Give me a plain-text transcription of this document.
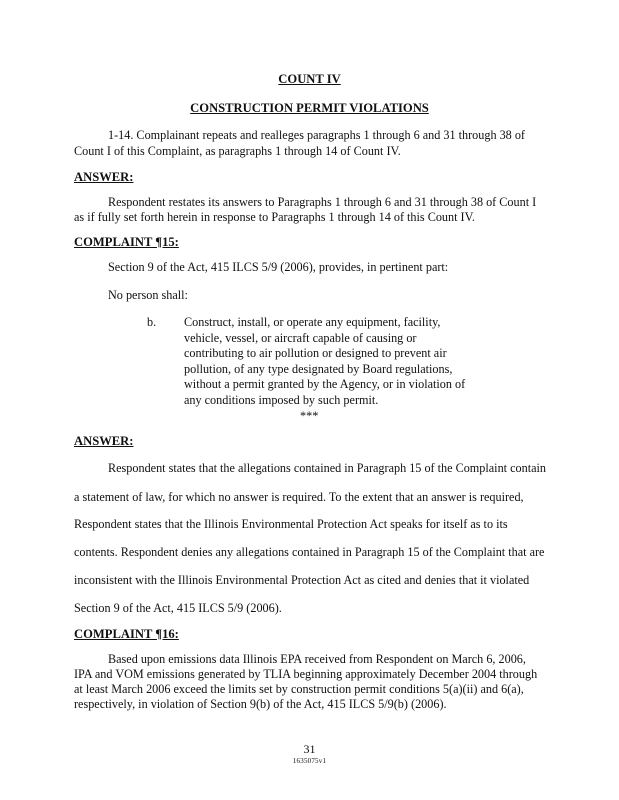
COUNT IV
CONSTRUCTION PERMIT VIOLATIONS
1-14. Complainant repeats and realleges paragraphs 1 through 6 and 31 through 38 of
Count I of this Complaint, as paragraphs 1 through 14 of Count IV.
ANSWER:
Respondent restates its answers to Paragraphs 1 through 6 and 31 through 38 of Count I
as if fully set forth herein in response to Paragraphs 1 through 14 of this Count IV.
COMPLAINT ¶15:
Section 9 of the Act, 415 ILCS 5/9 (2006), provides, in pertinent part:
No person shall:
b. Construct, install, or operate any equipment, facility,
vehicle, vessel, or aircraft capable of causing or
contributing to air pollution or designed to prevent air
pollution, of any type designated by Board regulations,
without a permit granted by the Agency, or in violation of
any conditions imposed by such permit.
***
ANSWER:
Respondent states that the allegations contained in Paragraph 15 of the Complaint contain
a statement of law, for which no answer is required. To the extent that an answer is required,
Respondent states that the Illinois Environmental Protection Act speaks for itself as to its
contents. Respondent denies any allegations contained in Paragraph 15 of the Complaint that are
inconsistent with the Illinois Environmental Protection Act as cited and denies that it violated
Section 9 of the Act, 415 ILCS 5/9 (2006).
COMPLAINT ¶16:
Based upon emissions data Illinois EPA received from Respondent on March 6, 2006,
IPA and VOM emissions generated by TLIA beginning approximately December 2004 through
at least March 2006 exceed the limits set by construction permit conditions 5(a)(ii) and 6(a),
respectively, in violation of Section 9(b) of the Act, 415 ILCS 5/9(b) (2006).
31
1635075v1
